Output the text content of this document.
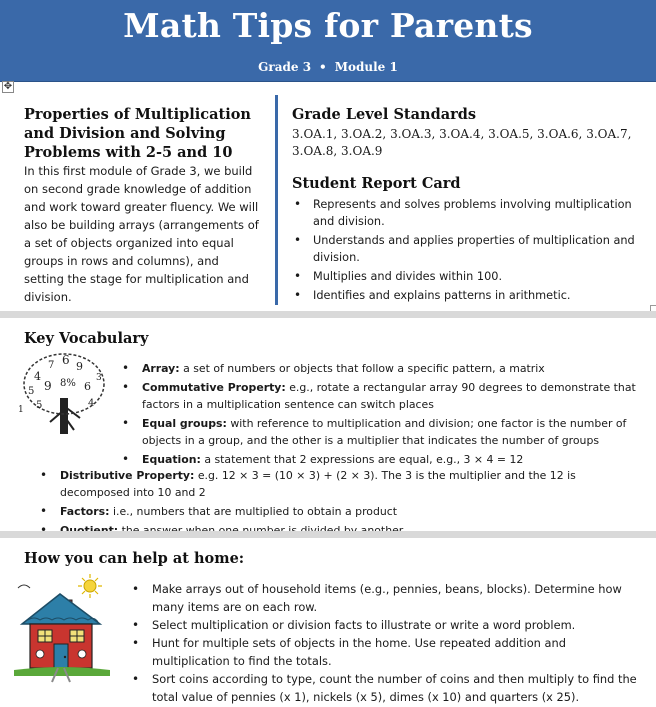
Math Tips for Parents
Grade 3 • Module 1
✥
Properties of Multiplication and Division and Solving Problems with 2-5 and 10
In this first module of Grade 3, we build on second grade knowledge of addition and work toward greater fluency. We will also be building arrays (arrangements of a set of objects organized into equal groups in rows and columns), and setting the stage for multiplication and division.
Grade Level Standards
3.OA.1, 3.OA.2, 3.OA.3, 3.OA.4, 3.OA.5, 3.OA.6, 3.OA.7, 3.OA.8, 3.OA.9
Student Report Card
• Represents and solves problems involving multiplication and division.
• Understands and applies properties of multiplication and division.
• Multiplies and divides within 100.
• Identifies and explains patterns in arithmetic.
Key Vocabulary
4
7 6 9
5 9 8% 6
5	4
1
3
• Array: a set of numbers or objects that follow a specific pattern, a matrix
• Commutative Property: e.g., rotate a rectangular array 90 degrees to demonstrate that factors in a multiplication sentence can switch places
• Equal groups: with reference to multiplication and division; one factor is the number of objects in a group, and the other is a multiplier that indicates the number of groups
• Equation: a statement that 2 expressions are equal, e.g., 3 × 4 = 12
• Distributive Property: e.g. 12 × 3 = (10 × 3) + (2 × 3). The 3 is the multiplier and the 12 is decomposed into 10 and 2
• Factors: i.e., numbers that are multiplied to obtain a product
•
How you can help at home:
• Make arrays out of household items (e.g., pennies, beans, blocks). Determine how many items are on each row.
• Select multiplication or division facts to illustrate or write a word problem.
• Hunt for multiple sets of objects in the home. Use repeated addition and multiplication to find the totals.
• Sort coins according to type, count the number of coins and then multiply to find the total value of pennies (x 1), nickels (x 5), dimes (x 10) and quarters (x 25).
